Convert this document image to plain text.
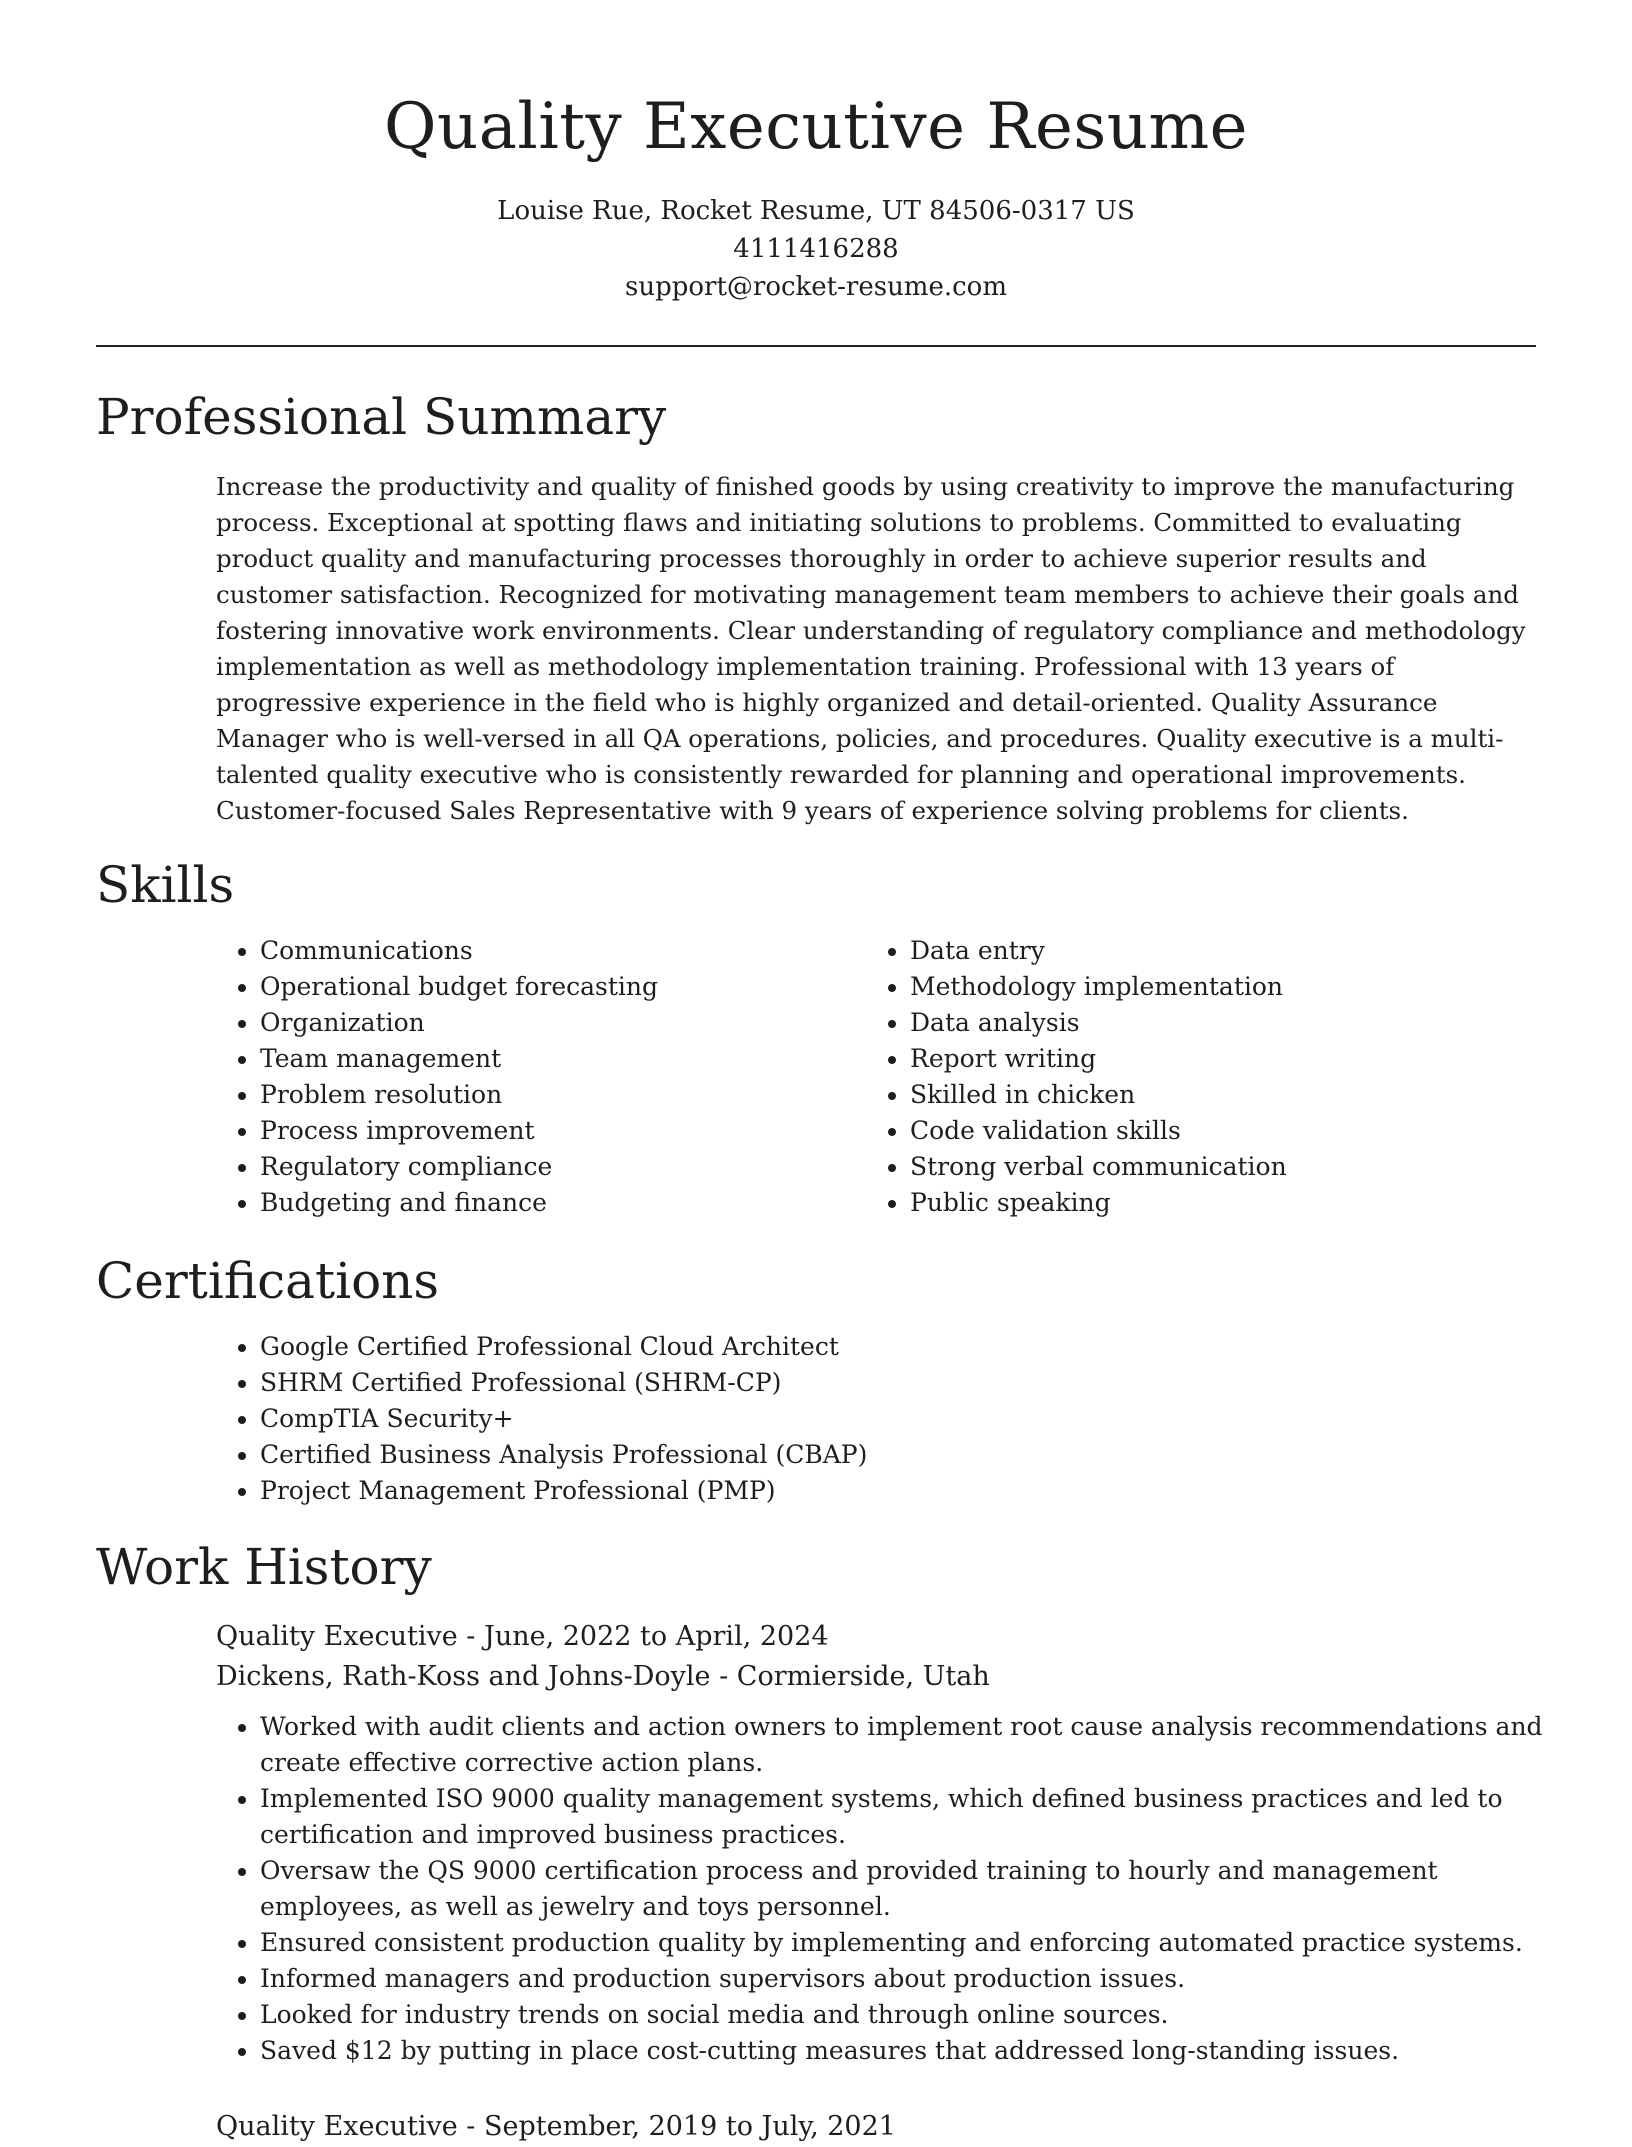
Quality Executive Resume

Louise Rue, Rocket Resume, UT 84506-0317 US

4111416288

support@rocket-resume.com

Professional Summary

Increase the productivity and quality of finished goods by using creativity to improve the manufacturing process. Exceptional at spotting flaws and initiating solutions to problems. Committed to evaluating product quality and manufacturing processes thoroughly in order to achieve superior results and customer satisfaction. Recognized for motivating management team members to achieve their goals and fostering innovative work environments. Clear understanding of regulatory compliance and methodology implementation as well as methodology implementation training. Professional with 13 years of progressive experience in the field who is highly organized and detail-oriented. Quality Assurance Manager who is well-versed in all QA operations, policies, and procedures. Quality executive is a multi-talented quality executive who is consistently rewarded for planning and operational improvements. Customer-focused Sales Representative with 9 years of experience solving problems for clients.

Skills
• Communications
• Operational budget forecasting
• Organization
• Team management
• Problem resolution
• Process improvement
• Regulatory compliance
• Budgeting and finance
• Data entry
• Methodology implementation
• Data analysis
• Report writing
• Skilled in chicken
• Code validation skills
• Strong verbal communication
• Public speaking
Certifications
• Google Certified Professional Cloud Architect
• SHRM Certified Professional (SHRM-CP)
• CompTIA Security+
• Certified Business Analysis Professional (CBAP)
• Project Management Professional (PMP)
Work History

Quality Executive - June, 2022 to April, 2024

Dickens, Rath-Koss and Johns-Doyle - Cormierside, Utah

• Worked with audit clients and action owners to implement root cause analysis recommendations and create effective corrective action plans.
• Implemented ISO 9000 quality management systems, which defined business practices and led to certification and improved business practices.
• Oversaw the QS 9000 certification process and provided training to hourly and management employees, as well as jewelry and toys personnel.
• Ensured consistent production quality by implementing and enforcing automated practice systems.
• Informed managers and production supervisors about production issues.
• Looked for industry trends on social media and through online sources.
• Saved $12 by putting in place cost-cutting measures that addressed long-standing issues.

Quality Executive - September, 2019 to July, 2021
